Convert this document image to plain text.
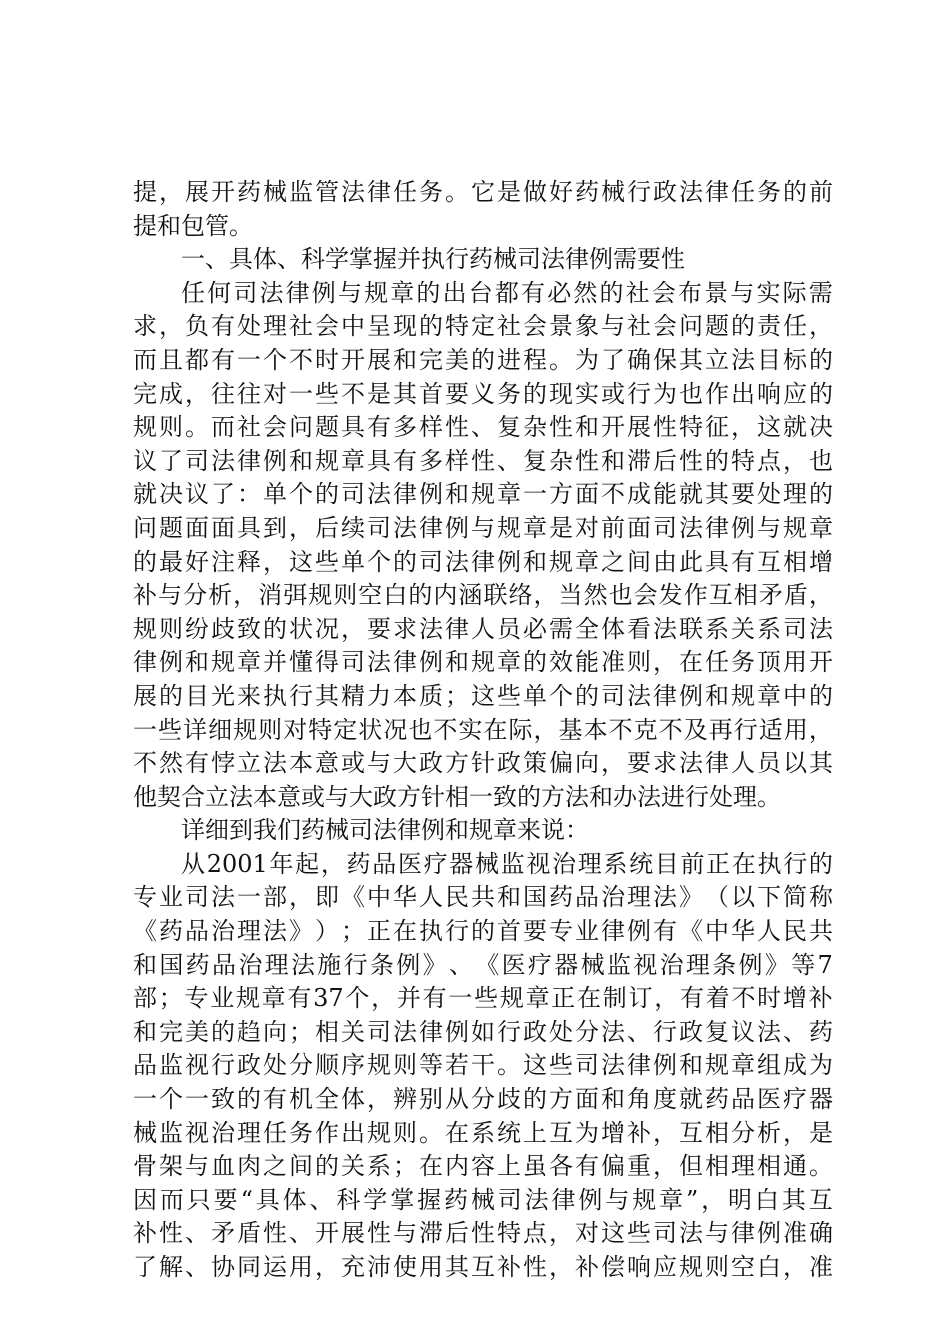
提 ， 展 开 药 械 监 管 法 律 任 务 。 它 是 做 好 药 械 行 政 法 律 任 务 的 前
提和包管。
一、具体、科学掌握并执行药械司法律例需要性
任 何 司 法 律 例 与 规 章 的 出 台 都 有 必 然 的 社 会 布 景 与 实 际 需
求 ， 负 有 处 理 社 会 中 呈 现 的 特 定 社 会 景 象 与 社 会 问 题 的 责 任 ，
而 且 都 有 一 个 不 时 开 展 和 完 美 的 进 程 。 为 了 确 保 其 立 法 目 标 的
完 成 ， 往 往 对 一 些 不 是 其 首 要 义 务 的 现 实 或 行 为 也 作 出 响 应 的
规 则 。 而 社 会 问 题 具 有 多 样 性 、 复 杂 性 和 开 展 性 特 征 ， 这 就 决
议 了 司 法 律 例 和 规 章 具 有 多 样 性 、 复 杂 性 和 滞 后 性 的 特 点 ， 也
就 决 议 了 ： 单 个 的 司 法 律 例 和 规 章 一 方 面 不 成 能 就 其 要 处 理 的
问 题 面 面 具 到 ， 后 续 司 法 律 例 与 规 章 是 对 前 面 司 法 律 例 与 规 章
的 最 好 注 释 ， 这 些 单 个 的 司 法 律 例 和 规 章 之 间 由 此 具 有 互 相 增
补 与 分 析 ， 消 弭 规 则 空 白 的 内 涵 联 络 ， 当 然 也 会 发 作 互 相 矛 盾 ，
规 则 纷 歧 致 的 状 况 ， 要 求 法 律 人 员 必 需 全 体 看 法 联 系 关 系 司 法
律 例 和 规 章 并 懂 得 司 法 律 例 和 规 章 的 效 能 准 则 ， 在 任 务 顶 用 开
展 的 目 光 来 执 行 其 精 力 本 质 ； 这 些 单 个 的 司 法 律 例 和 规 章 中 的
一 些 详 细 规 则 对 特 定 状 况 也 不 实 在 际 ， 基 本 不 克 不 及 再 行 适 用 ，
不 然 有 悖 立 法 本 意 或 与 大 政 方 针 政 策 偏 向 ， 要 求 法 律 人 员 以 其
他契合立法本意或与大政方针相一致的方法和办法进行处理。
详细到我们药械司法律例和规章来说：
从 2001 年 起 ， 药 品 医 疗 器 械 监 视 治 理 系 统 目 前 正 在 执 行 的
专 业 司 法 一 部 ， 即 《 中 华 人 民 共 和 国 药 品 治 理 法 》 （ 以 下 简 称
《 药 品 治 理 法 》 ） ； 正 在 执 行 的 首 要 专 业 律 例 有 《 中 华 人 民 共
和 国 药 品 治 理 法 施 行 条 例 》 、 《 医 疗 器 械 监 视 治 理 条 例 》 等 7
部 ； 专 业 规 章 有 37 个 ， 并 有 一 些 规 章 正 在 制 订 ， 有 着 不 时 增 补
和 完 美 的 趋 向 ； 相 关 司 法 律 例 如 行 政 处 分 法 、 行 政 复 议 法 、 药
品 监 视 行 政 处 分 顺 序 规 则 等 若 干 。 这 些 司 法 律 例 和 规 章 组 成 为
一 个 一 致 的 有 机 全 体 ， 辨 别 从 分 歧 的 方 面 和 角 度 就 药 品 医 疗 器
械 监 视 治 理 任 务 作 出 规 则 。 在 系 统 上 互 为 增 补 ， 互 相 分 析 ， 是
骨 架 与 血 肉 之 间 的 关 系 ； 在 内 容 上 虽 各 有 偏 重 ， 但 相 理 相 通 。
因 而 只 要 “ 具 体 、 科 学 掌 握 药 械 司 法 律 例 与 规 章 ” ， 明 白 其 互
补 性 、 矛 盾 性 、 开 展 性 与 滞 后 性 特 点 ， 对 这 些 司 法 与 律 例 准 确
了 解 、 协 同 运 用 ， 充 沛 使 用 其 互 补 性 ， 补 偿 响 应 规 则 空 白 ， 准
